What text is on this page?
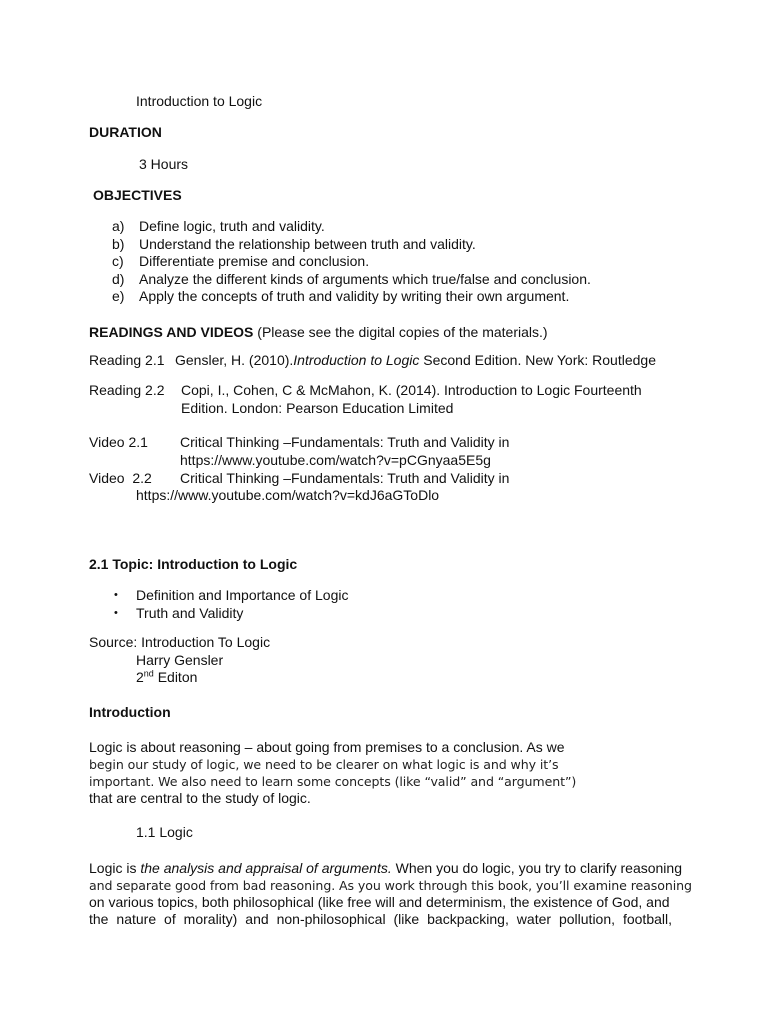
Introduction to Logic
DURATION
3 Hours
OBJECTIVES
a)	Define logic, truth and validity.
b)	Understand the relationship between truth and validity.
c)	Differentiate premise and conclusion.
d)	Analyze the different kinds of arguments which true/false and conclusion.
e)	Apply the concepts of truth and validity by writing their own argument.
READINGS AND VIDEOS (Please see the digital copies of the materials.)
Reading 2.1 Gensler, H. (2010).Introduction to Logic Second Edition. New York: Routledge
Reading 2.2 Copi, I., Cohen, C & McMahon, K. (2014). Introduction to Logic Fourteenth
Edition. London: Pearson Education Limited
Video 2.1 Critical Thinking –Fundamentals: Truth and Validity in
https://www.youtube.com/watch?v=pCGnyaa5E5g
Video  2.2 Critical Thinking –Fundamentals: Truth and Validity in
https://www.youtube.com/watch?v=kdJ6aGToDlo
2.1 Topic: Introduction to Logic
• Definition and Importance of Logic
• Truth and Validity
Source: Introduction To Logic
Harry Gensler
2nd Editon
Introduction
Logic is about reasoning – about going from premises to a conclusion. As we
begin our study of logic, we need to be clearer on what logic is and why it’s
important. We also need to learn some concepts (like “valid” and “argument”)
that are central to the study of logic.
1.1 Logic
Logic is the analysis and appraisal of arguments. When you do logic, you try to clarify reasoning
and separate good from bad reasoning. As you work through this book, you’ll examine reasoning
on various topics, both philosophical (like free will and determinism, the existence of God, and
the nature of morality) and non-philosophical (like backpacking, water pollution, football,
